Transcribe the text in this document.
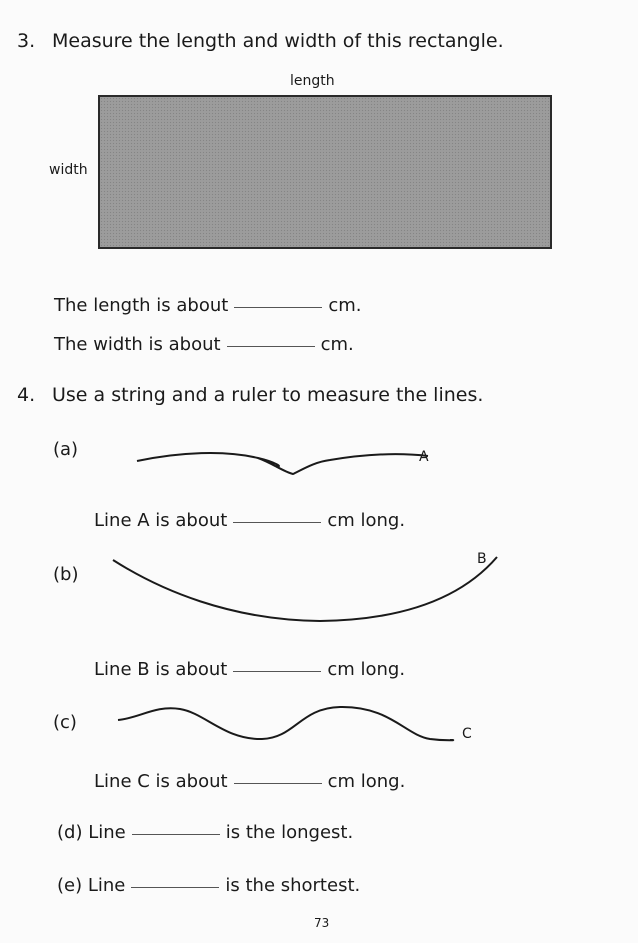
3. Measure the length and width of this rectangle.
length
width
The length is about	cm.
The width is about	cm.
4. Use a string and a ruler to measure the lines.
(a)	A
Line A is about	cm long.
(b)
B
Line B is about	cm long.
(c)
C
Line C is about	cm long.
(d) Line	is the longest.
(e) Line	is the shortest.
73
